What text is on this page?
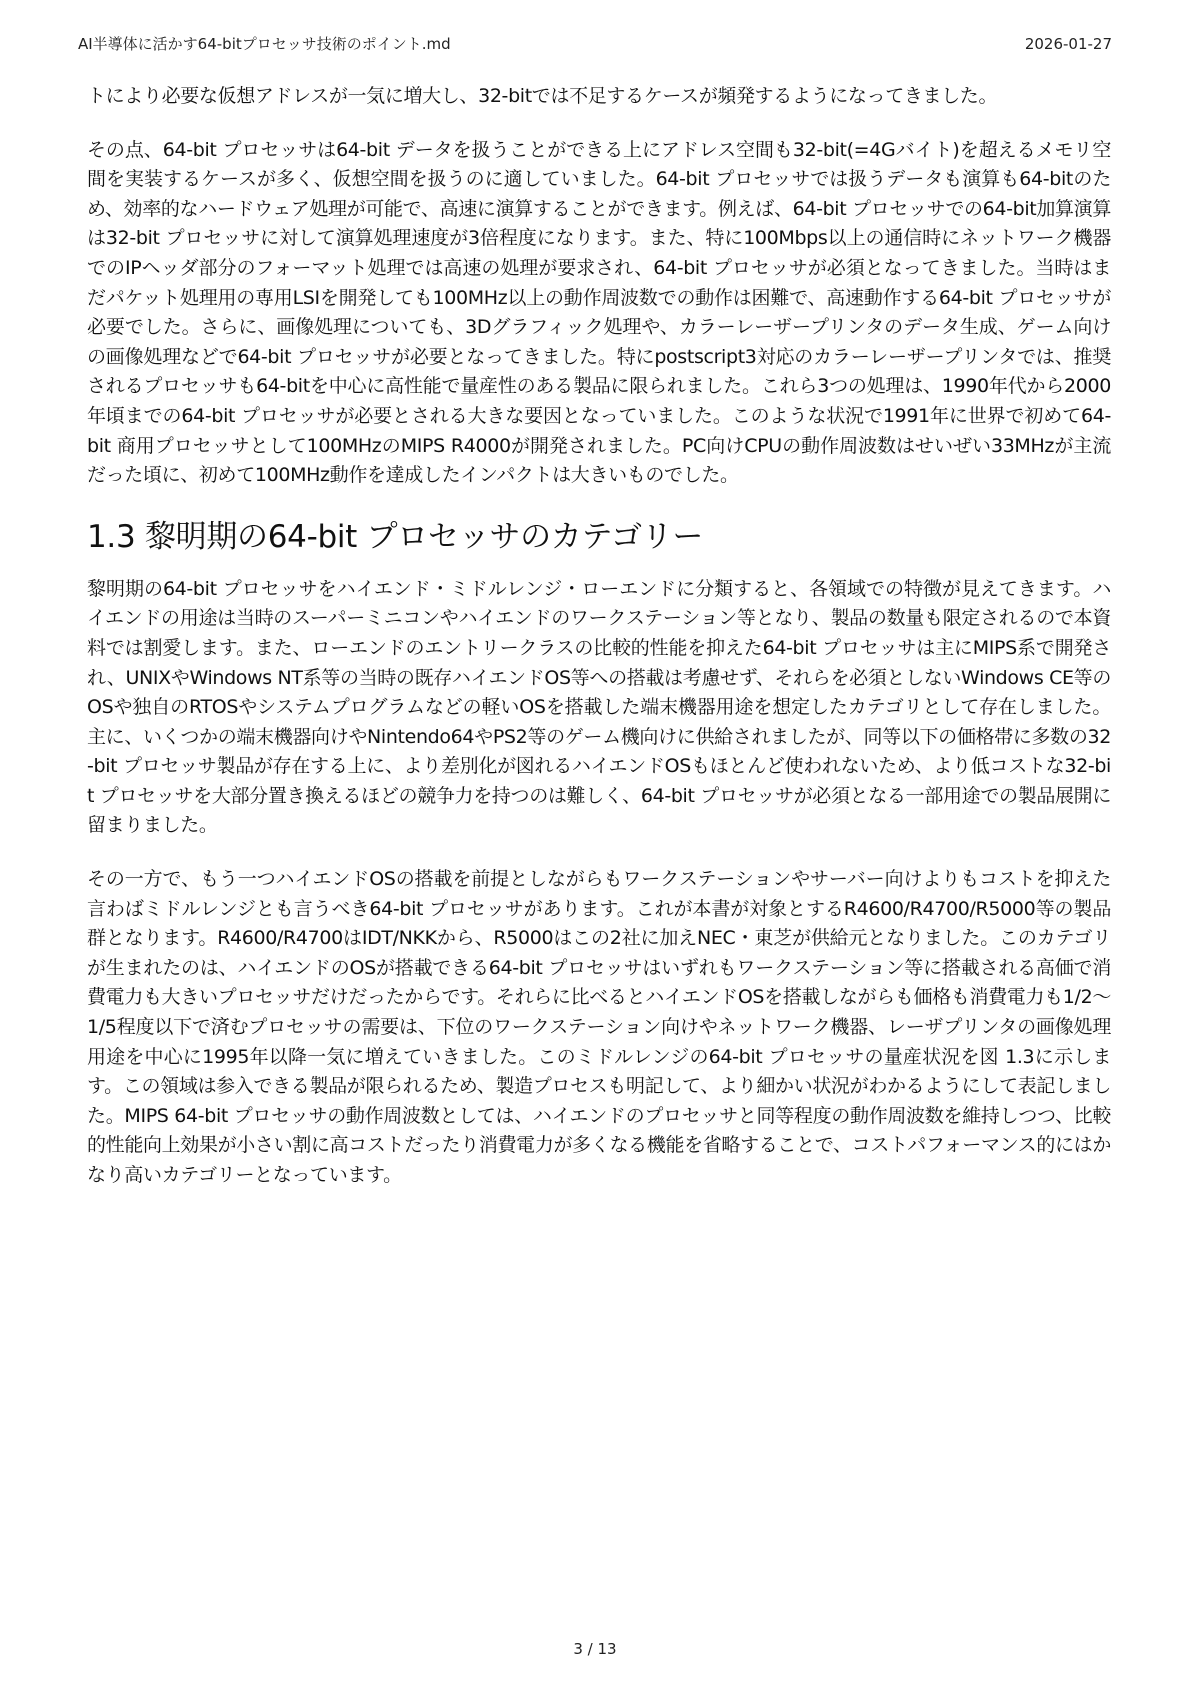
AI半導体に活かす64-bitプロセッサ技術のポイント.md	2026-01-27

トにより必要な仮想アドレスが一気に増大し、32-bitでは不足するケースが頻発するようになってきました。

その点、64-bit プロセッサは64-bit データを扱うことができる上にアドレス空間も32-bit(=4Gバイト)を超えるメモリ空間を実装するケースが多く、仮想空間を扱うのに適していました。64-bit プロセッサでは扱うデータも演算も64-bitのため、効率的なハードウェア処理が可能で、高速に演算することができます。例えば、64-bit プロセッサでの64-bit加算演算は32-bit プロセッサに対して演算処理速度が3倍程度になります。また、特に100Mbps以上の通信時にネットワーク機器でのIPヘッダ部分のフォーマット処理では高速の処理が要求され、64-bit プロセッサが必須となってきました。当時はまだパケット処理用の専用LSIを開発しても100MHz以上の動作周波数での動作は困難で、高速動作する64-bit プロセッサが必要でした。さらに、画像処理についても、3Dグラフィック処理や、カラーレーザープリンタのデータ生成、ゲーム向けの画像処理などで64-bit プロセッサが必要となってきました。特にpostscript3対応のカラーレーザープリンタでは、推奨されるプロセッサも64-bitを中心に高性能で量産性のある製品に限られました。これら3つの処理は、1990年代から2000年頃までの64-bit プロセッサが必要とされる大きな要因となっていました。このような状況で1991年に世界で初めて64-bit 商用プロセッサとして100MHzのMIPS R4000が開発されました。PC向けCPUの動作周波数はせいぜい33MHzが主流だった頃に、初めて100MHz動作を達成したインパクトは大きいものでした。

1.3 黎明期の64-bit プロセッサのカテゴリー

黎明期の64-bit プロセッサをハイエンド・ミドルレンジ・ローエンドに分類すると、各領域での特徴が見えてきます。ハイエンドの用途は当時のスーパーミニコンやハイエンドのワークステーション等となり、製品の数量も限定されるので本資料では割愛します。また、ローエンドのエントリークラスの比較的性能を抑えた64-bit プロセッサは主にMIPS系で開発され、UNIXやWindows NT系等の当時の既存ハイエンドOS等への搭載は考慮せず、それらを必須としないWindows CE等のOSや独自のRTOSやシステムプログラムなどの軽いOSを搭載した端末機器用途を想定したカテゴリとして存在しました。主に、いくつかの端末機器向けやNintendo64やPS2等のゲーム機向けに供給されましたが、同等以下の価格帯に多数の32-bit プロセッサ製品が存在する上に、より差別化が図れるハイエンドOSもほとんど使われないため、より低コストな32-bit プロセッサを大部分置き換えるほどの競争力を持つのは難しく、64-bit プロセッサが必須となる一部用途での製品展開に留まりました。

その一方で、もう一つハイエンドOSの搭載を前提としながらもワークステーションやサーバー向けよりもコストを抑えた言わばミドルレンジとも言うべき64-bit プロセッサがあります。これが本書が対象とするR4600/R4700/R5000等の製品群となります。R4600/R4700はIDT/NKKから、R5000はこの2社に加えNEC・東芝が供給元となりました。このカテゴリが生まれたのは、ハイエンドのOSが搭載できる64-bit プロセッサはいずれもワークステーション等に搭載される高価で消費電力も大きいプロセッサだけだったからです。それらに比べるとハイエンドOSを搭載しながらも価格も消費電力も1/2～1/5程度以下で済むプロセッサの需要は、下位のワークステーション向けやネットワーク機器、レーザプリンタの画像処理用途を中心に1995年以降一気に増えていきました。このミドルレンジの64-bit プロセッサの量産状況を図 1.3に示します。この領域は参入できる製品が限られるため、製造プロセスも明記して、より細かい状況がわかるようにして表記しました。MIPS 64-bit プロセッサの動作周波数としては、ハイエンドのプロセッサと同等程度の動作周波数を維持しつつ、比較的性能向上効果が小さい割に高コストだったり消費電力が多くなる機能を省略することで、コストパフォーマンス的にはかなり高いカテゴリーとなっています。

3 / 13
